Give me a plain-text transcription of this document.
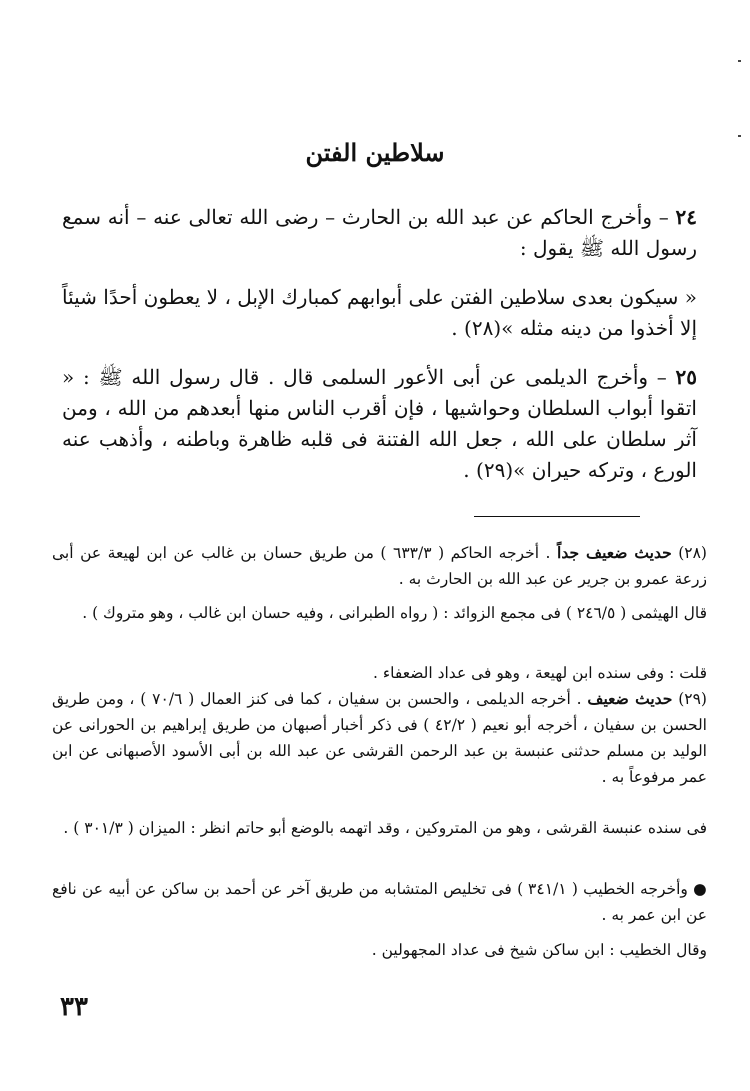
سلاطين الفتن
٢٤ – وأخرج الحاكم عن عبد الله بن الحارث – رضى الله تعالى عنه – أنه سمع رسول الله ﷺ يقول :
« سيكون بعدى سلاطين الفتن على أبوابهم كمبارك الإبل ، لا يعطون أحدًا شيئاً إلا أخذوا من دينه مثله »(٢٨) .
٢٥ – وأخرج الديلمى عن أبى الأعور السلمى قال . قال رسول الله ﷺ : « اتقوا أبواب السلطان وحواشيها ، فإن أقرب الناس منها أبعدهم من الله ، ومن آثر سلطان على الله ، جعل الله الفتنة فى قلبه ظاهرة وباطنه ، وأذهب عنه الورع ، وتركه حيران »(٢٩) .
(٢٨) حديث ضعيف جداً . أخرجه الحاكم ( ٦٣٣/٣ ) من طريق حسان بن غالب عن ابن لهيعة عن أبى زرعة عمرو بن جرير عن عبد الله بن الحارث به .
قال الهيثمى ( ٢٤٦/٥ ) فى مجمع الزوائد : ( رواه الطبرانى ، وفيه حسان ابن غالب ، وهو متروك ) .
قلت : وفى سنده ابن لهيعة ، وهو فى عداد الضعفاء .
(٢٩) حديث ضعيف . أخرجه الديلمى ، والحسن بن سفيان ، كما فى كنز العمال ( ٧٠/٦ ) ، ومن طريق الحسن بن سفيان ، أخرجه أبو نعيم ( ٤٢/٢ ) فى ذكر أخبار أصبهان من طريق إبراهيم بن الحورانى عن الوليد بن مسلم حدثنى عنبسة بن عبد الرحمن القرشى عن عبد الله بن أبى الأسود الأصبهانى عن ابن عمر مرفوعاً به .
فى سنده عنبسة القرشى ، وهو من المتروكين ، وقد اتهمه بالوضع أبو حاتم انظر : الميزان ( ٣٠١/٣ ) .
● وأخرجه الخطيب ( ٣٤١/١ ) فى تخليص المتشابه من طريق آخر عن أحمد بن ساكن عن أبيه عن نافع عن ابن عمر به .
وقال الخطيب : ابن ساكن شيخ فى عداد المجهولين .
٣٣
